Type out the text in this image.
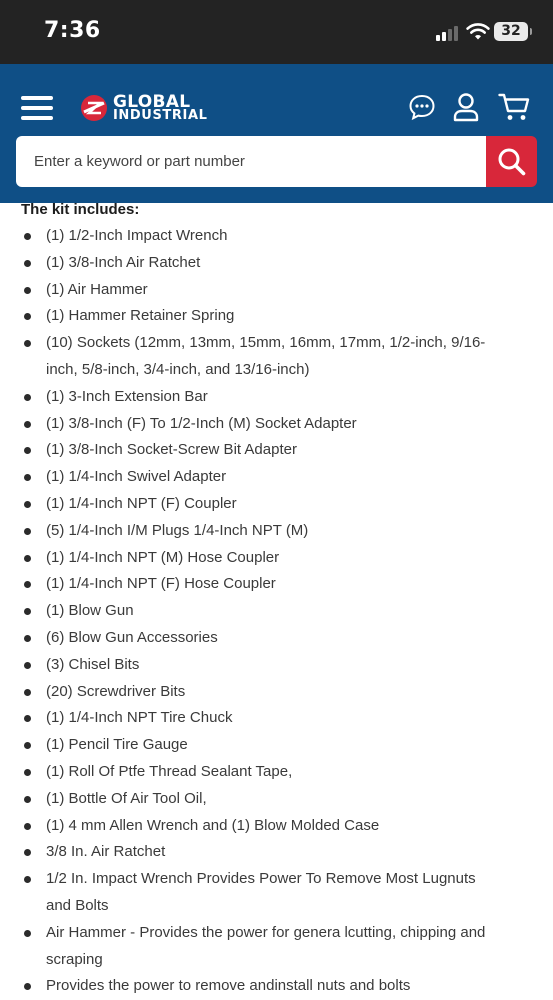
7:36	32
GLOBAL
INDUSTRIAL
Enter a keyword or part number
The kit includes:
(1) 1/2-Inch Impact Wrench
(1) 3/8-Inch Air Ratchet
(1) Air Hammer
(1) Hammer Retainer Spring
(10) Sockets (12mm, 13mm, 15mm, 16mm, 17mm, 1/2-inch, 9/16-inch, 5/8-inch, 3/4-inch, and 13/16-inch)
(1) 3-Inch Extension Bar
(1) 3/8-Inch (F) To 1/2-Inch (M) Socket Adapter
(1) 3/8-Inch Socket-Screw Bit Adapter
(1) 1/4-Inch Swivel Adapter
(1) 1/4-Inch NPT (F) Coupler
(5) 1/4-Inch I/M Plugs 1/4-Inch NPT (M)
(1) 1/4-Inch NPT (M) Hose Coupler
(1) 1/4-Inch NPT (F) Hose Coupler
(1) Blow Gun
(6) Blow Gun Accessories
(3) Chisel Bits
(20) Screwdriver Bits
(1) 1/4-Inch NPT Tire Chuck
(1) Pencil Tire Gauge
(1) Roll Of Ptfe Thread Sealant Tape,
(1) Bottle Of Air Tool Oil,
(1) 4 mm Allen Wrench and (1) Blow Molded Case
3/8 In. Air Ratchet
1/2 In. Impact Wrench Provides Power To Remove Most Lugnuts and Bolts
Air Hammer - Provides the power for genera lcutting, chipping and scraping
Provides the power to remove andinstall nuts and bolts
